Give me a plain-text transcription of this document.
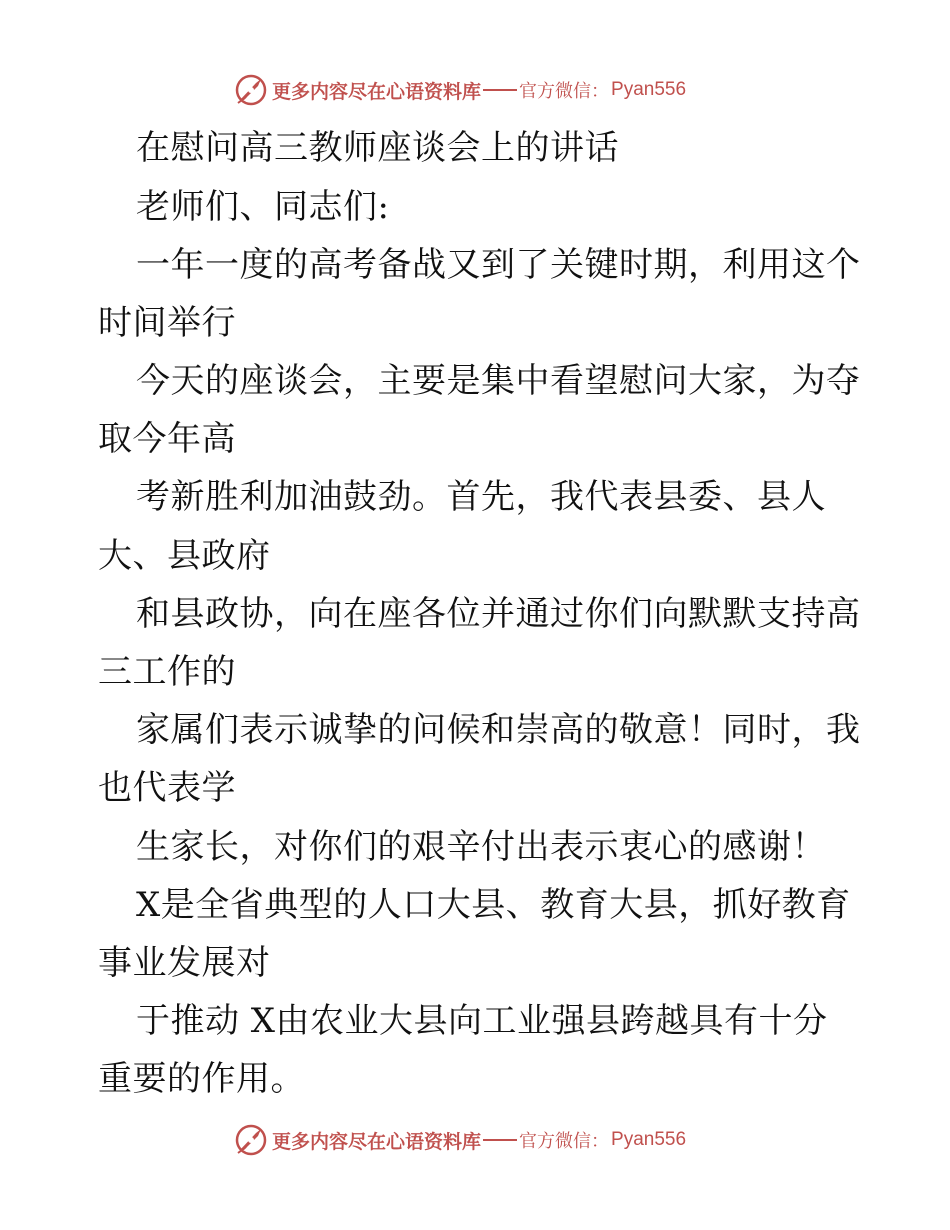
更多内容尽在心语资料库 官方微信： Pyan556
在慰问高三教师座谈会上的讲话
老师们、同志们:
一年一度的高考备战又到了关键时期，利用这个
时间举行
今天的座谈会，主要是集中看望慰问大家，为夺
取今年高
考新胜利加油鼓劲。首先，我代表县委、县人
大、县政府
和县政协，向在座各位并通过你们向默默支持高
三工作的
家属们表示诚挚的问候和崇高的敬意！同时，我
也代表学
生家长，对你们的艰辛付出表示衷心的感谢！
X是全省典型的人口大县、教育大县，抓好教育
事业发展对
于推动 X由农业大县向工业强县跨越具有十分
重要的作用。
更多内容尽在心语资料库 官方微信： Pyan556
